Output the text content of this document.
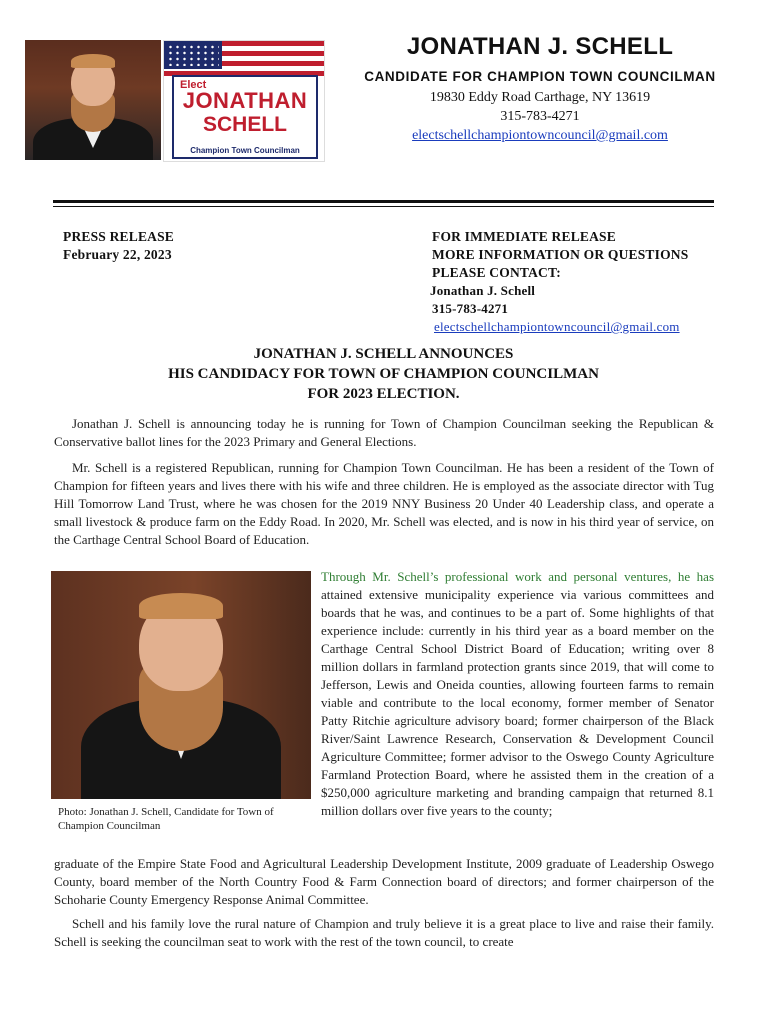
Elect
JONATHAN
SCHELL
Champion Town Councilman
JONATHAN J. SCHELL
CANDIDATE FOR CHAMPION TOWN COUNCILMAN
19830 Eddy Road Carthage, NY 13619
315-783-4271
electschellchampiontowncouncil@gmail.com
PRESS RELEASE
February 22, 2023
FOR IMMEDIATE RELEASE
MORE INFORMATION OR QUESTIONS
PLEASE CONTACT:
Jonathan J. Schell
315-783-4271
electschellchampiontowncouncil@gmail.com
JONATHAN J. SCHELL ANNOUNCES
HIS CANDIDACY FOR TOWN OF CHAMPION COUNCILMAN
FOR 2023 ELECTION.

Jonathan J. Schell is announcing today he is running for Town of Champion Councilman seeking the Republican & Conservative ballot lines for the 2023 Primary and General Elections.

Mr. Schell is a registered Republican, running for Champion Town Councilman. He has been a resident of the Town of Champion for fifteen years and lives there with his wife and three children. He is employed as the associate director with Tug Hill Tomorrow Land Trust, where he was chosen for the 2019 NNY Business 20 Under 40 Leadership class, and operate a small livestock & produce farm on the Eddy Road. In 2020, Mr. Schell was elected, and is now in his third year of service, on the Carthage Central School Board of Education.

Photo: Jonathan J. Schell, Candidate for Town of Champion Councilman

Through Mr. Schell’s professional work and personal ventures, he has attained extensive municipality experience via various committees and boards that he was, and continues to be a part of. Some highlights of that experience include: currently in his third year as a board member on the Carthage Central School District Board of Education; writing over 8 million dollars in farmland protection grants since 2019, that will come to Jefferson, Lewis and Oneida counties, allowing fourteen farms to remain viable and contribute to the local economy, former member of Senator Patty Ritchie agriculture advisory board; former chairperson of the Black River/Saint Lawrence Research, Conservation & Development Council Agriculture Committee; former advisor to the Oswego County Agriculture Farmland Protection Board, where he assisted them in the creation of a $250,000 agriculture marketing and branding campaign that returned 8.1 million dollars over five years to the county;

graduate of the Empire State Food and Agricultural Leadership Development Institute, 2009 graduate of Leadership Oswego County, board member of the North Country Food & Farm Connection board of directors; and former chairperson of the Schoharie County Emergency Response Animal Committee.

Schell and his family love the rural nature of Champion and truly believe it is a great place to live and raise their family. Schell is seeking the councilman seat to work with the rest of the town council, to create
